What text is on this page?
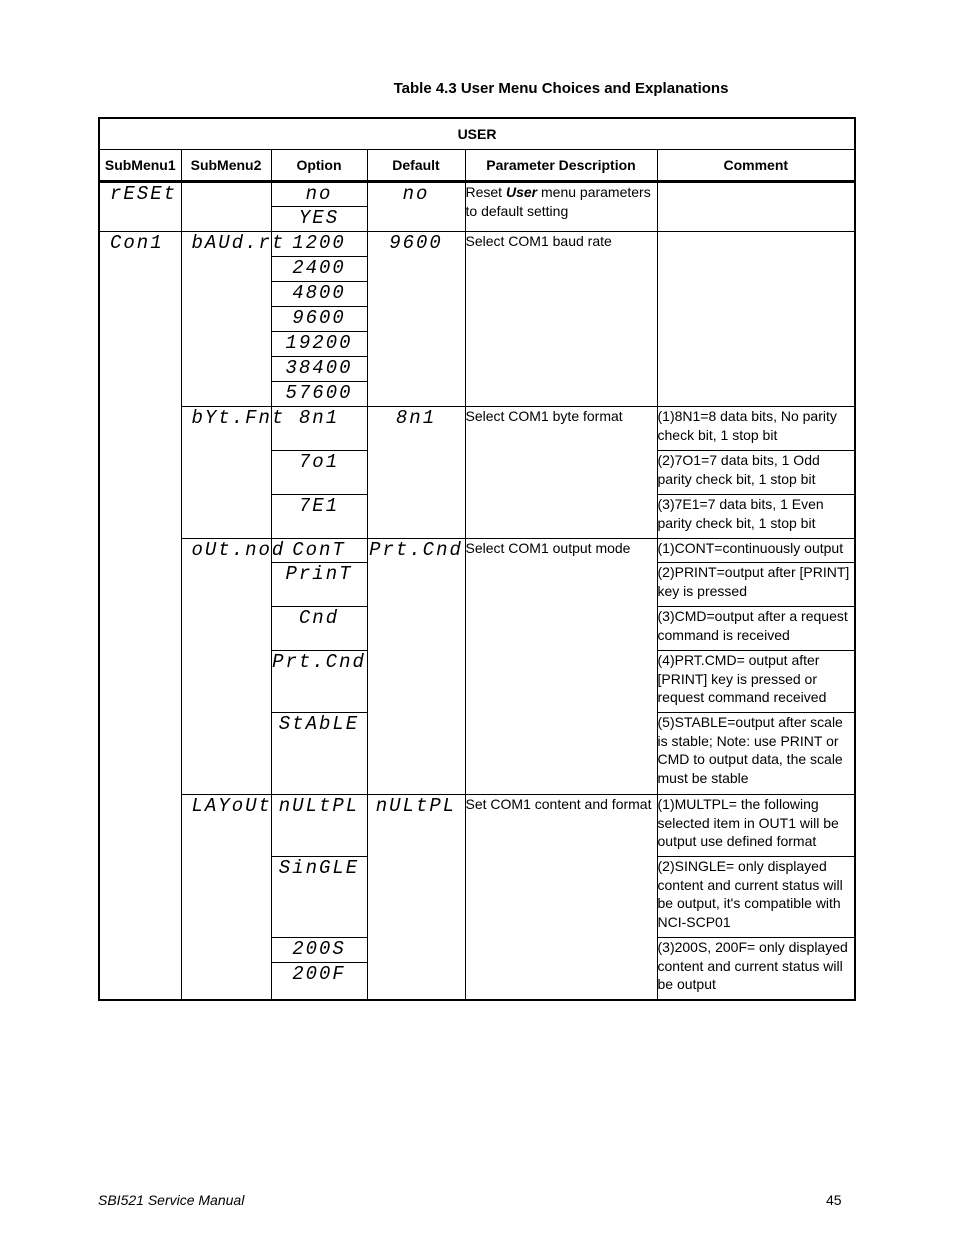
Table 4.3 User Menu Choices and Explanations
USER					
SubMenu1	SubMenu2	Option	Default	Parameter Description	Comment
rESEt		no	no	Reset User menu parameters to default setting	
		YES			
Con1	bAUd.rt	1200	9600	Select COM1 baud rate	
		2400			
		4800			
		9600			
		19200			
		38400			
		57600			
	bYt.Fnt	8n1	8n1	Select COM1 byte format	(1)8N1=8 data bits, No parity check bit, 1 stop bit
		7o1			(2)7O1=7 data bits, 1 Odd parity check bit, 1 stop bit
		7E1			(3)7E1=7 data bits, 1 Even parity check bit, 1 stop bit
	oUt.nod	ConT	Prt.Cnd	Select COM1 output mode	(1)CONT=continuously output
		PrinT			(2)PRINT=output after [PRINT] key is pressed
		Cnd			(3)CMD=output after a request command is received
		Prt.Cnd			(4)PRT.CMD= output after [PRINT] key is pressed or request command received
		StAbLE			(5)STABLE=output after scale is stable; Note: use PRINT or CMD to output data, the scale must be stable
	LAYoUt	nULtPL	nULtPL	Set COM1 content and format	(1)MULTPL= the following selected item in OUT1 will be output use defined format
		SinGLE			(2)SINGLE= only displayed content and current status will be output, it's compatible with NCI-SCP01
		200S			(3)200S, 200F= only displayed content and current status will be output
		200F			
SBI521 Service Manual	45
